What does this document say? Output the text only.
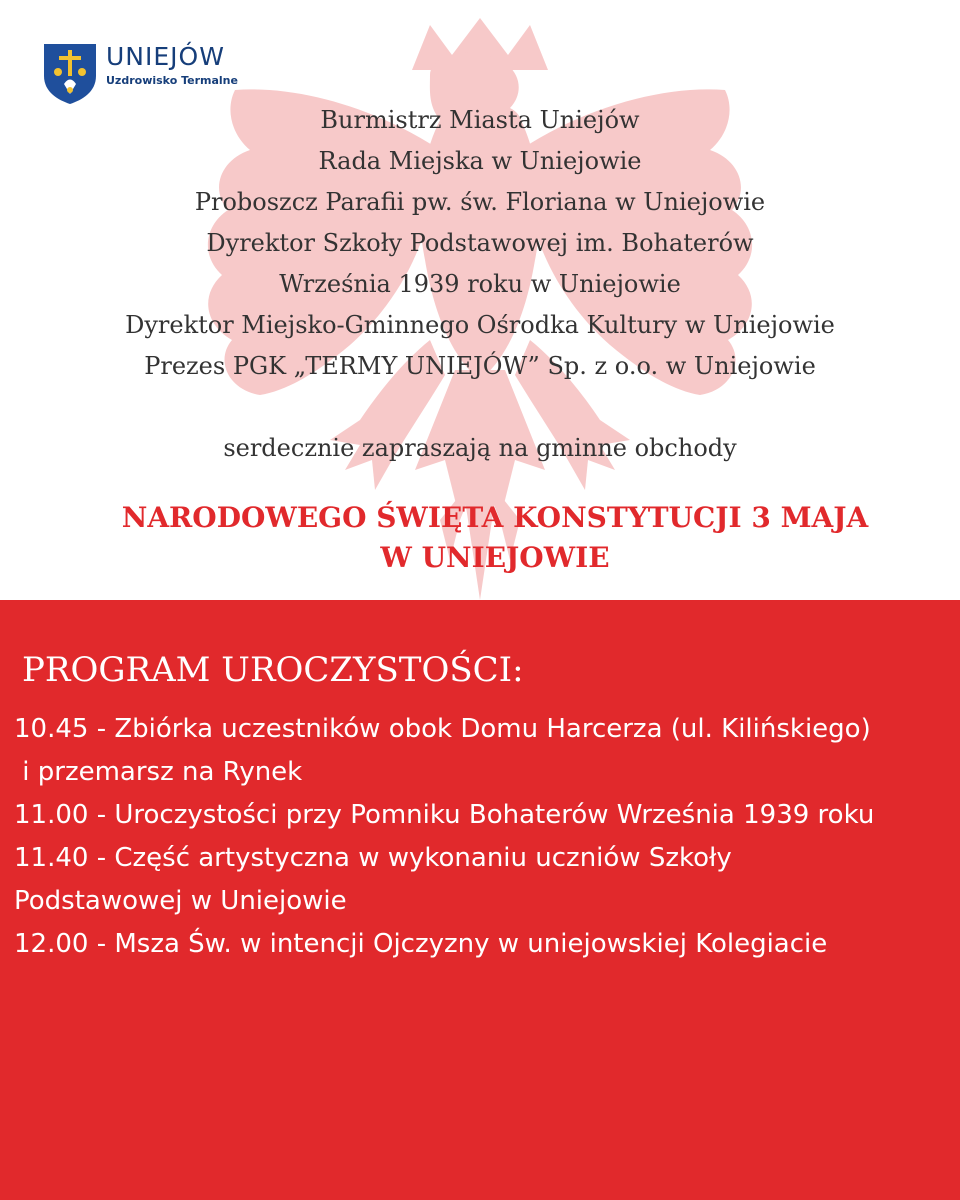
UNIEJÓW
Uzdrowisko Termalne
Burmistrz Miasta Uniejów
Rada Miejska w Uniejowie
Proboszcz Parafii pw. św. Floriana w Uniejowie
Dyrektor Szkoły Podstawowej im. Bohaterów
Września 1939 roku w Uniejowie
Dyrektor Miejsko-Gminnego Ośrodka Kultury w Uniejowie
Prezes PGK „TERMY UNIEJÓW” Sp. z o.o. w Uniejowie
serdecznie zapraszają na gminne obchody
NARODOWEGO ŚWIĘTA KONSTYTUCJI 3 MAJA
W UNIEJOWIE
PROGRAM UROCZYSTOŚCI:
10.45 - Zbiórka uczestników obok Domu Harcerza (ul. Kilińskiego)
i przemarsz na Rynek
11.00 - Uroczystości przy Pomniku Bohaterów Września 1939 roku
11.40 - Część artystyczna w wykonaniu uczniów Szkoły
Podstawowej w Uniejowie
12.00 - Msza Św. w intencji Ojczyzny w uniejowskiej Kolegiacie
